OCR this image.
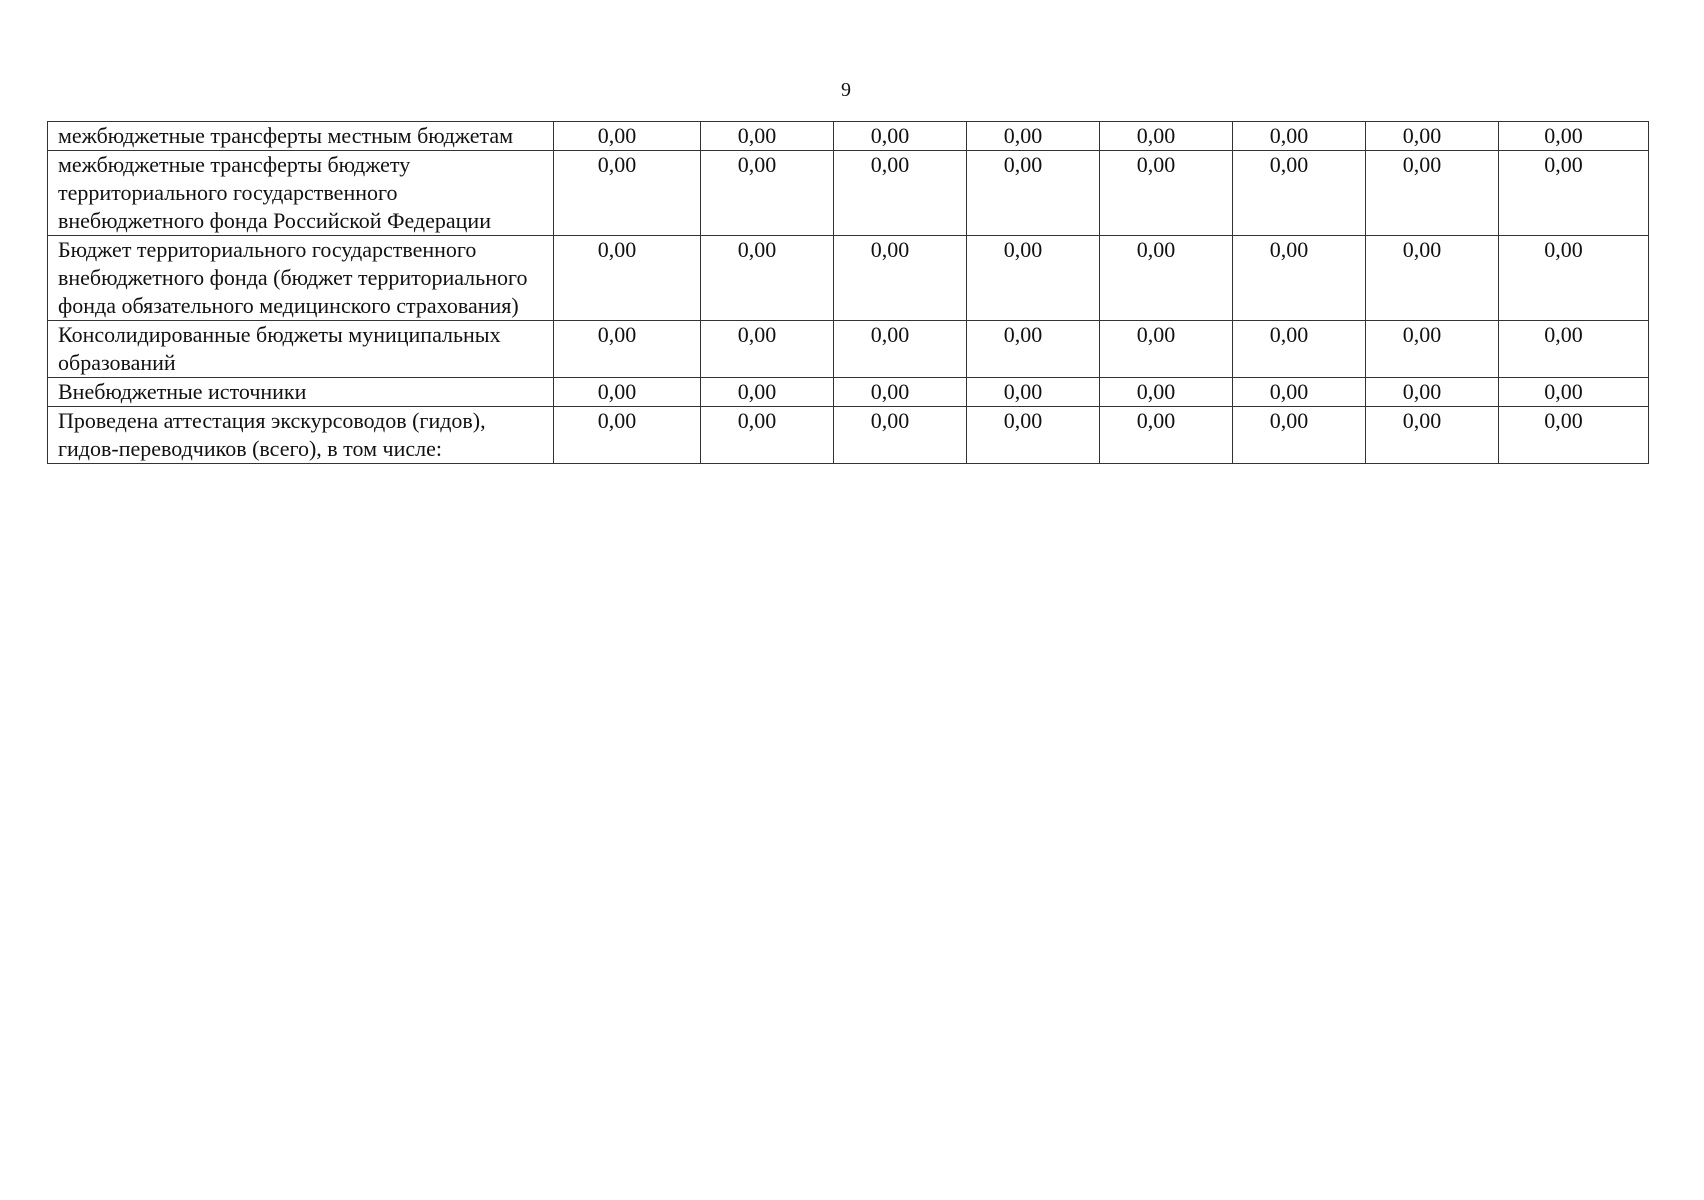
9
межбюджетные трансферты местным бюджетам	0,00	0,00	0,00	0,00	0,00	0,00	0,00	0,00
межбюджетные трансферты бюджету территориального государственного внебюджетного фонда Российской Федерации	0,00	0,00	0,00	0,00	0,00	0,00	0,00	0,00
Бюджет территориального государственного внебюджетного фонда (бюджет территориального фонда обязательного медицинского страхования)	0,00	0,00	0,00	0,00	0,00	0,00	0,00	0,00
Консолидированные бюджеты муниципальных образований	0,00	0,00	0,00	0,00	0,00	0,00	0,00	0,00
Внебюджетные источники	0,00	0,00	0,00	0,00	0,00	0,00	0,00	0,00
Проведена аттестация экскурсоводов (гидов), гидов-переводчиков (всего), в том числе:	0,00	0,00	0,00	0,00	0,00	0,00	0,00	0,00
